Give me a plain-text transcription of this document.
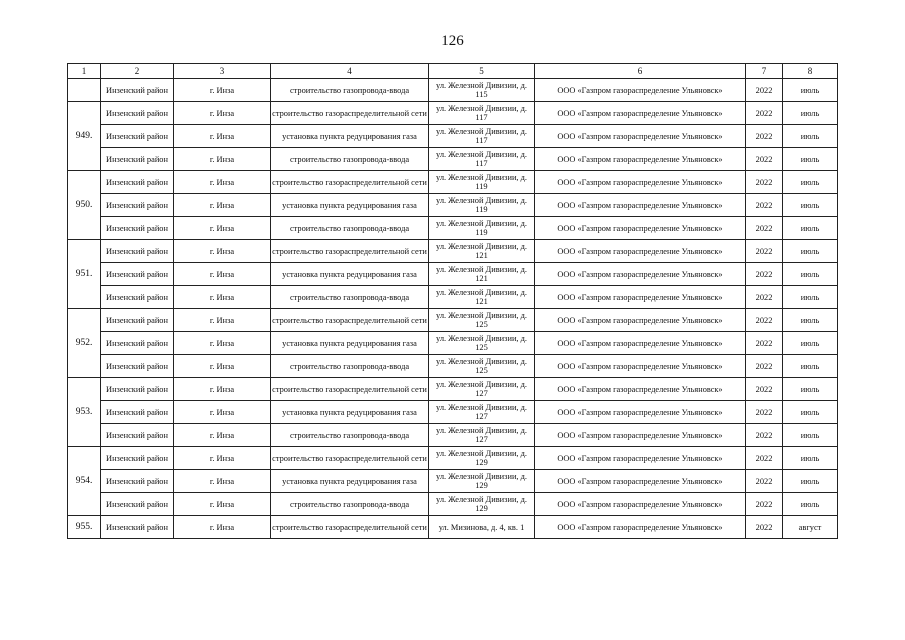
126
1	2	3	4	5	6	7	8
	Инзенский район	г. Инза	строительство газопровода-ввода	ул. Железной Дивизии, д. 115	ООО «Газпром газораспределение Ульяновск»	2022	июль
949.	Инзенский район	г. Инза	строительство газораспределительной сети	ул. Железной Дивизии, д. 117	ООО «Газпром газораспределение Ульяновск»	2022	июль
	Инзенский район	г. Инза	установка пункта редуцирования газа	ул. Железной Дивизии, д. 117	ООО «Газпром газораспределение Ульяновск»	2022	июль
	Инзенский район	г. Инза	строительство газопровода-ввода	ул. Железной Дивизии, д. 117	ООО «Газпром газораспределение Ульяновск»	2022	июль
950.	Инзенский район	г. Инза	строительство газораспределительной сети	ул. Железной Дивизии, д. 119	ООО «Газпром газораспределение Ульяновск»	2022	июль
	Инзенский район	г. Инза	установка пункта редуцирования газа	ул. Железной Дивизии, д. 119	ООО «Газпром газораспределение Ульяновск»	2022	июль
	Инзенский район	г. Инза	строительство газопровода-ввода	ул. Железной Дивизии, д. 119	ООО «Газпром газораспределение Ульяновск»	2022	июль
951.	Инзенский район	г. Инза	строительство газораспределительной сети	ул. Железной Дивизии, д. 121	ООО «Газпром газораспределение Ульяновск»	2022	июль
	Инзенский район	г. Инза	установка пункта редуцирования газа	ул. Железной Дивизии, д. 121	ООО «Газпром газораспределение Ульяновск»	2022	июль
	Инзенский район	г. Инза	строительство газопровода-ввода	ул. Железной Дивизии, д. 121	ООО «Газпром газораспределение Ульяновск»	2022	июль
952.	Инзенский район	г. Инза	строительство газораспределительной сети	ул. Железной Дивизии, д. 125	ООО «Газпром газораспределение Ульяновск»	2022	июль
	Инзенский район	г. Инза	установка пункта редуцирования газа	ул. Железной Дивизии, д. 125	ООО «Газпром газораспределение Ульяновск»	2022	июль
	Инзенский район	г. Инза	строительство газопровода-ввода	ул. Железной Дивизии, д. 125	ООО «Газпром газораспределение Ульяновск»	2022	июль
953.	Инзенский район	г. Инза	строительство газораспределительной сети	ул. Железной Дивизии, д. 127	ООО «Газпром газораспределение Ульяновск»	2022	июль
	Инзенский район	г. Инза	установка пункта редуцирования газа	ул. Железной Дивизии, д. 127	ООО «Газпром газораспределение Ульяновск»	2022	июль
	Инзенский район	г. Инза	строительство газопровода-ввода	ул. Железной Дивизии, д. 127	ООО «Газпром газораспределение Ульяновск»	2022	июль
954.	Инзенский район	г. Инза	строительство газораспределительной сети	ул. Железной Дивизии, д. 129	ООО «Газпром газораспределение Ульяновск»	2022	июль
	Инзенский район	г. Инза	установка пункта редуцирования газа	ул. Железной Дивизии, д. 129	ООО «Газпром газораспределение Ульяновск»	2022	июль
	Инзенский район	г. Инза	строительство газопровода-ввода	ул. Железной Дивизии, д. 129	ООО «Газпром газораспределение Ульяновск»	2022	июль
955.	Инзенский район	г. Инза	строительство газораспределительной сети	ул. Мизинова, д. 4, кв. 1	ООО «Газпром газораспределение Ульяновск»	2022	август
